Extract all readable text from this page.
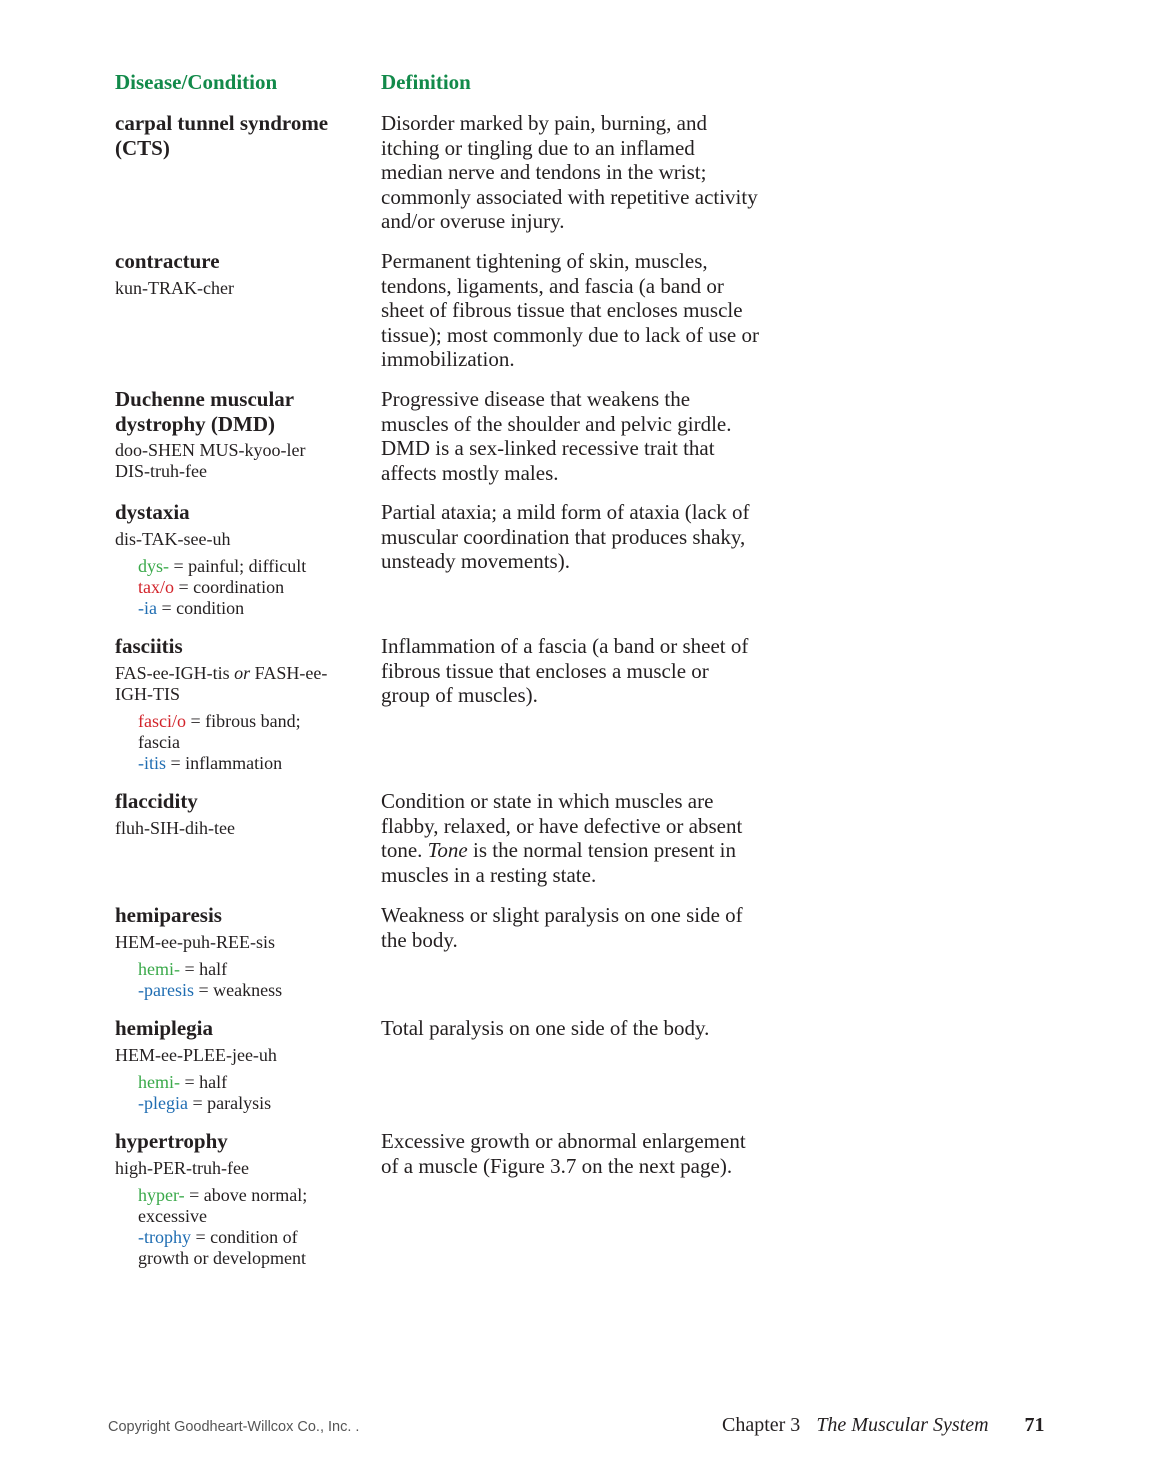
Disease/Condition	Definition
carpal tunnel syndrome (CTS)
Disorder marked by pain, burning, and itching or tingling due to an inflamed median nerve and tendons in the wrist; commonly associated with repetitive activity and/or overuse injury.
contracture
kun-TRAK-cher
Permanent tightening of skin, muscles, tendons, ligaments, and fascia (a band or sheet of fibrous tissue that encloses muscle tissue); most commonly due to lack of use or immobilization.
Duchenne muscular dystrophy (DMD)
doo-SHEN MUS-kyoo-ler DIS-truh-fee
Progressive disease that weakens the muscles of the shoulder and pelvic girdle. DMD is a sex-linked recessive trait that affects mostly males.
dystaxia
dis-TAK-see-uh
dys- = painful; difficult
tax/o = coordination
-ia = condition
Partial ataxia; a mild form of ataxia (lack of muscular coordination that produces shaky, unsteady movements).
fasciitis
FAS-ee-IGH-tis or FASH-ee-IGH-TIS
fasci/o = fibrous band; fascia
-itis = inflammation
Inflammation of a fascia (a band or sheet of fibrous tissue that encloses a muscle or group of muscles).
flaccidity
fluh-SIH-dih-tee
Condition or state in which muscles are flabby, relaxed, or have defective or absent tone. Tone is the normal tension present in muscles in a resting state.
hemiparesis
HEM-ee-puh-REE-sis
hemi- = half
-paresis = weakness
Weakness or slight paralysis on one side of the body.
hemiplegia
HEM-ee-PLEE-jee-uh
hemi- = half
-plegia = paralysis
Total paralysis on one side of the body.
hypertrophy
high-PER-truh-fee
hyper- = above normal; excessive
-trophy = condition of growth or development
Excessive growth or abnormal enlargement of a muscle (Figure 3.7 on the next page).
Copyright Goodheart-Willcox Co., Inc. .	Chapter 3 The Muscular System 71
